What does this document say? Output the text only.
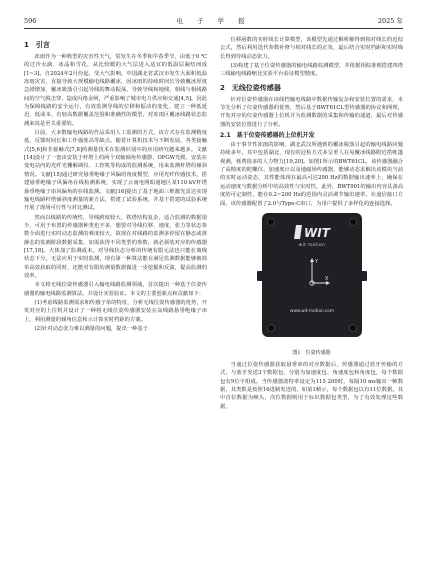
596	电 子 学 报	2025 年
1　引言

冻雨作为一种典型的灾害性天气，常发生在冬季和早春季节，由低于0 ℃的过冷水滴、冰晶和雪花，从比较暖的大气层进入适宜的低温层凝结而成[1~3]。自2024年2月份起，受大气影响，中国湖北省武汉市发生大面积低温冻雨灾害，直接导致大规模输电线路覆冰，因冰雨的持续时间长导致覆冰厚度急剧增加，覆冰致落引引起导线的舞动振荡，导致导线和地线，相线与相线路间的空气脱击穿，造成闪络金闸，严重影响了城市电力供应和交通[4,5]。因此为保障线路的安全运行，有效监测导线的位移和振动的变化，建立一种低延迟、低成本、有较高数据覆盖范围和准确性的模型，对冻雨区覆冰线路状态监测来说是至关重要的。

目前，大多数输电线路的作品采用人工监测的方式，该方式存在监测精度低、反馈时间长和工作强度高等缺点。随着计算机技术与不断发展，各类接触式[5,6]和非接触式[7,8]的测量技术在监测识别中的应用研究越来越多。文献[14]设计了一套由安装于杆塔上的两个双轴倾角传感器、OPGW光缆、安装在变电站内的光纤光栅解调仪、工控机等构成的监测系统，用来监测杆塔的倾斜情况。文献[15]通过研究悬垂绝缘子风偏的角度模型，应用光纤传感技术，搭建悬垂绝缘子风偏角在线检测系统，实现了云南电网昭通地区某110 kV杆塔悬垂绝缘子串风偏角的在线监测。文献[16]提出了基于地面三维激光雷达实现输电线路杆塔倾斜度测量的新方法，搭建了试验系统，并基于搭建的试验系统开展了现场可行性与对比测试。

然而以线路的传统性，导线跨度较大，铁塔结构复杂，适合监测的数据很少，可用于布置的传感器种类也不多，想要对导线位移、速度、张力等状态参数全面进行实时动态监测的难度较大，故现在对线路的监测多停留在静态或准静态的监测阶段数据采集，如需获得不同类型的参数，就必须装对应的传感器[17,18]。大体加了监测成本。对导线状态分析的传统有限元法也只能在离线状态下分。无法应用于实时监测，现有第一种算法能在满足监测数据能够被简单高效获取的同时，还能对有限的测量数据做进一步挖掘和反演，提高监测的效率。

本文将无线位姿传感器引入输电线路监测领域，首次提出一种基于位姿传感器的输电线路监测算法，并设计实验验证。本文的主要创新点和贡献如下：

(1)考虑线路监测需求和传感子单的特征，分析无线位姿传感器的优势，开发对应的上位机并设计了一种将无线位姿传感器安装在高线路悬垂绝缘子串上，利用测量的倾角信息和示计算实时档距的方案。

(2)针对动态张力难以测量的问题，提出一种基于

位移函数的实时线长计算模型，该模型先通过解析解得到相对线长的近似公式，然后利用迭代参数补修与相对线长的正负，最后结合实时档距和实时线长得到导线动态张力。

(3)构建了基于位姿传感器的输电线路监测模型，并依据相似准则搭建四塔三线输电线路缩比实验平台验证模型精度。

2　无线位姿传感器

针对位姿传感器在该线档输电线路中数据传输复杂和安装位置的需求，本节先分析了位姿传感器的优势，然后基于BWT61CL型传感器的协议和网理，开发对应的位姿传感器上位机并为监测数据的采集和传输的通道，最后对传感器的安装位置进行了分析。

2.1　基于位姿传感器的上位机开发

由于事节性冻雨的影响，湖北武汉所遇到的覆冰脱落引起的输电线路问题持续多年。其中包括湖北，现有的冠检方式多呈垂人在易覆冰线路附近搭帐篷观测，耗费很多的人力物力[19,20]。如图1所示的BWT61CL，该传感器融合了高精度的陀螺仪、加速度计以及地磁场传感器，能够动态求解出该模块当前的实时运动姿态，其性能体现在最高可达200 Hz的数据输出速率上，确保在运动速度与数据分析中的高效性与实时性，此外，BWT901的输出内容具备高度的可定制性，能在0.2~200 Hz的范围内灵活调节输出速率。在通信接口方面，该传感器配置了2.0与Type-C串口，为用户提供了多样化的连接选择。

WIT
wit motion
Y
X
www.wit-motion.com
图1　位姿传感器

当通过位姿传感器获取悬垂串的对应数据后，传感器通过蓝牙传输的方式，与蓝牙发送3个数据包，分别为加速度包、角速度包和角度包，每个数据包有9位字组成。当传感器波特率设定为115 200时，每隔10 ms输出一帧数据，其类数是按照16进制发送的，如第1帧示，每个数据包以有11位数据。其中首位数据为帧头，次位数据则用于标识数据包类型，为了有效处理这些数据，
